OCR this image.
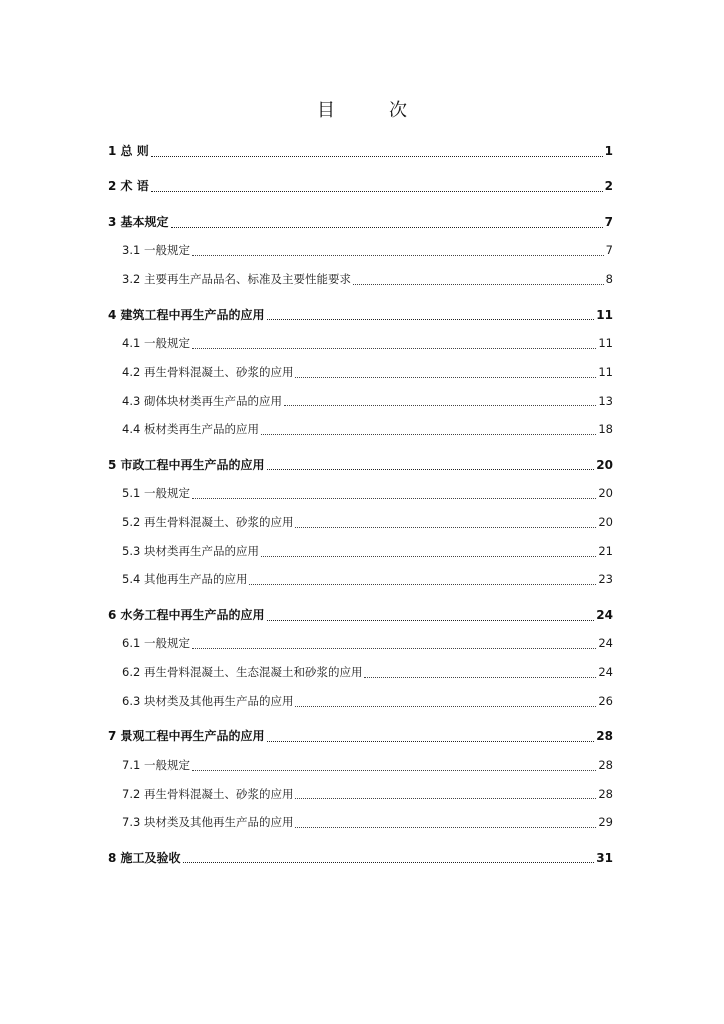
目　次
1 总 则	1
2 术 语	2
3 基本规定	7
3.1 一般规定	7
3.2 主要再生产品品名、标准及主要性能要求	8
4 建筑工程中再生产品的应用	11
4.1 一般规定	11
4.2 再生骨料混凝土、砂浆的应用	11
4.3 砌体块材类再生产品的应用	13
4.4 板材类再生产品的应用	18
5 市政工程中再生产品的应用	20
5.1 一般规定	20
5.2 再生骨料混凝土、砂浆的应用	20
5.3 块材类再生产品的应用	21
5.4 其他再生产品的应用	23
6 水务工程中再生产品的应用	24
6.1 一般规定	24
6.2 再生骨料混凝土、生态混凝土和砂浆的应用	24
6.3 块材类及其他再生产品的应用	26
7 景观工程中再生产品的应用	28
7.1 一般规定	28
7.2 再生骨料混凝土、砂浆的应用	28
7.3 块材类及其他再生产品的应用	29
8 施工及验收	31
